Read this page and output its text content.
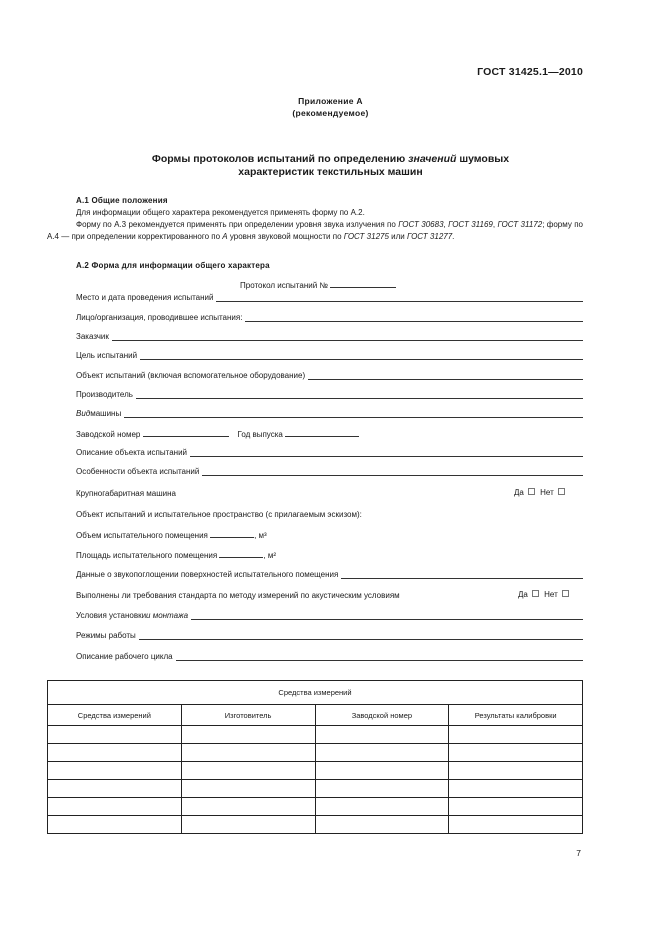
ГОСТ 31425.1—2010
Приложение А
(рекомендуемое)
Формы протоколов испытаний по определению значений шумовых
характеристик текстильных машин
А.1 Общие положения
Для информации общего характера рекомендуется применять форму по А.2.
Форму по А.3 рекомендуется применять при определении уровня звука излучения по ГОСТ 30683, ГОСТ 31169, ГОСТ 31172; форму по А.4 — при определении корректированного по А уровня звуковой мощности по ГОСТ 31275 или ГОСТ 31277.
А.2 Форма для информации общего характера
Протокол испытаний №
Место и дата проведения испытаний
Лицо/организация, проводившее испытания:
Заказчик
Цель испытаний
Объект испытаний (включая вспомогательное оборудование)
Производитель
Вид машины
Заводской номер	Год выпуска
Описание объекта испытаний
Особенности объекта испытаний
Крупногабаритная машина	Да Нет
Объект испытаний и испытательное пространство (с прилагаемым эскизом):
Объем испытательного помещения	, м³
Площадь испытательного помещения	, м²
Данные о звукопоглощении поверхностей испытательного помещения
Выполнены ли требования стандарта по методу измерений по акустическим условиям	Да Нет
Условия установки и монтажа
Режимы работы
Описание рабочего цикла
Средства измерений			
Средства измерений	Изготовитель	Заводской номер	Результаты калибровки

7
